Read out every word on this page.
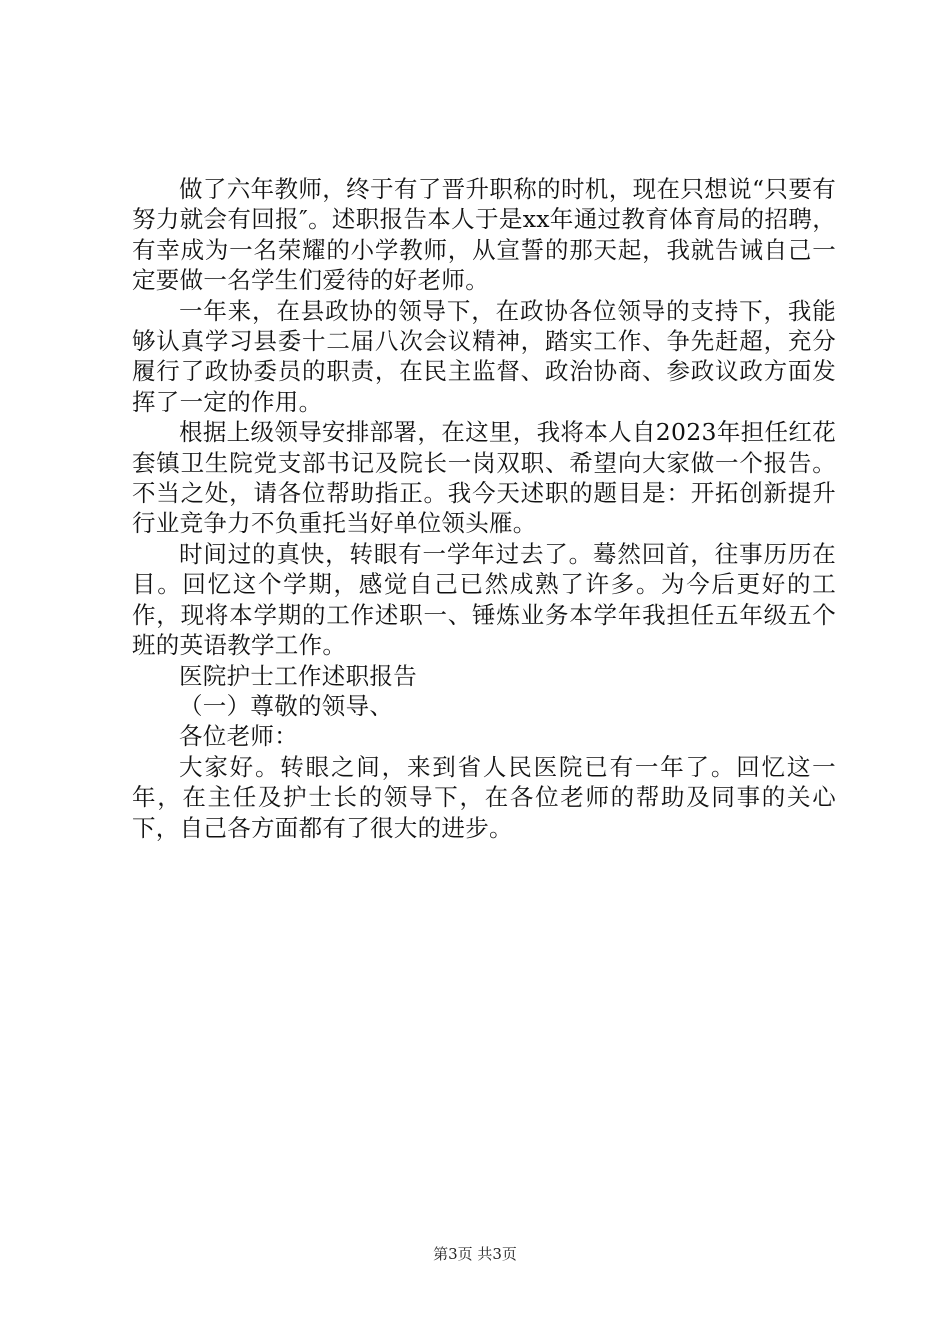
做了六年教师，终于有了晋升职称的时机，现在只想说“只要有努力就会有回报″。述职报告本人于是xx年通过教育体育局的招聘，有幸成为一名荣耀的小学教师，从宣誓的那天起，我就告诫自己一定要做一名学生们爱待的好老师。

一年来，在县政协的领导下，在政协各位领导的支持下，我能够认真学习县委十二届八次会议精神，踏实工作、争先赶超，充分履行了政协委员的职责，在民主监督、政治协商、参政议政方面发挥了一定的作用。

根据上级领导安排部署，在这里，我将本人自2023年担任红花套镇卫生院党支部书记及院长一岗双职、希望向大家做一个报告。不当之处，请各位帮助指正。我今天述职的题目是：开拓创新提升行业竞争力不负重托当好单位领头雁。

时间过的真快，转眼有一学年过去了。蓦然回首，往事历历在目。回忆这个学期，感觉自己已然成熟了许多。为今后更好的工作，现将本学期的工作述职一、锤炼业务本学年我担任五年级五个班的英语教学工作。

医院护士工作述职报告

（一）尊敬的领导、

各位老师：

大家好。转眼之间，来到省人民医院已有一年了。回忆这一年，在主任及护士长的领导下，在各位老师的帮助及同事的关心下，自己各方面都有了很大的进步。

第3页 共3页
